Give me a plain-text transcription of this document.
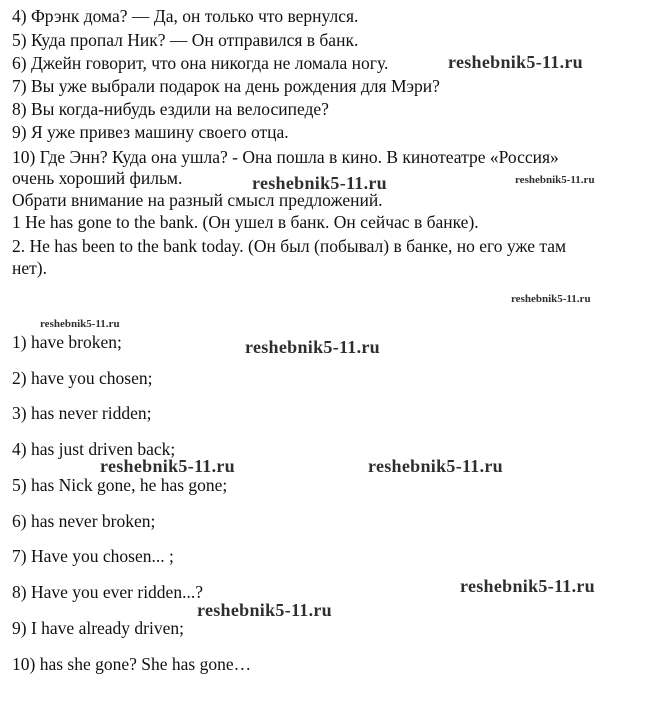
4) Фрэнк дома? — Да, он только что вернулся.

5) Куда пропал Ник? — Он отправился в банк.

6) Джейн говорит, что она никогда не ломала ногу.

7) Вы уже выбрали подарок на день рождения для Мэри?

8) Вы когда-нибудь ездили на велосипеде?

9) Я уже привез машину своего отца.

10) Где Энн? Куда она ушла? - Она пошла в кино. В кинотеатре «Россия»

очень хороший фильм.

Обрати внимание на разный смысл предложений.

1 He has gone to the bank. (Он ушел в банк. Он сейчас в банке).

2. He has been to the bank today. (Он был (побывал) в банке, но его уже там

нет).

1) have broken;

2) have you chosen;

3) has never ridden;

4) has just driven back;

5) has Nick gone, he has gone;

6) has never broken;

7) Have you chosen... ;

8) Have you ever ridden...?

9) I have already driven;

10) has she gone? She has gone…

reshebnik5-11.ru
reshebnik5-11.ru	reshebnik5-11.ru
reshebnik5-11.ru
reshebnik5-11.ru
reshebnik5-11.ru
reshebnik5-11.ru	reshebnik5-11.ru
reshebnik5-11.ru
reshebnik5-11.ru
